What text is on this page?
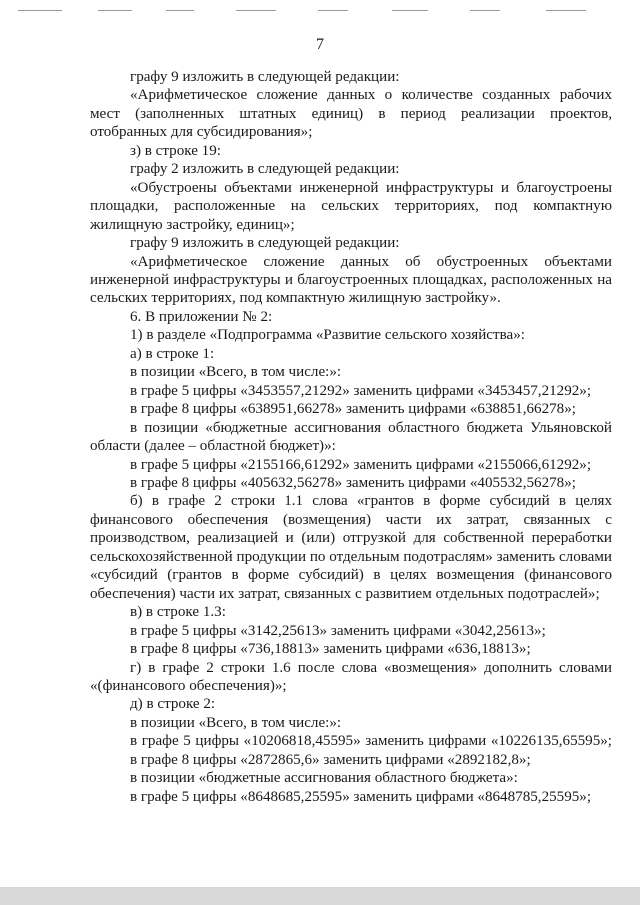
7

графу 9 изложить в следующей редакции:

«Арифметическое сложение данных о количестве созданных рабочих мест (заполненных штатных единиц) в период реализации проектов, отобранных для субсидирования»;

з) в строке 19:

графу 2 изложить в следующей редакции:

«Обустроены объектами инженерной инфраструктуры и благоустроены площадки, расположенные на сельских территориях, под компактную жилищную застройку, единиц»;

графу 9 изложить в следующей редакции:

«Арифметическое сложение данных об обустроенных объектами инженерной инфраструктуры и благоустроенных площадках, расположенных на сельских территориях, под компактную жилищную застройку».

6. В приложении № 2:

1) в разделе «Подпрограмма «Развитие сельского хозяйства»:

а) в строке 1:

в позиции «Всего, в том числе:»:

в графе 5 цифры «3453557,21292» заменить цифрами «3453457,21292»;

в графе 8 цифры «638951,66278» заменить цифрами «638851,66278»;

в позиции «бюджетные ассигнования областного бюджета Ульяновской области (далее – областной бюджет)»:

в графе 5 цифры «2155166,61292» заменить цифрами «2155066,61292»;

в графе 8 цифры «405632,56278» заменить цифрами «405532,56278»;

б) в графе 2 строки 1.1 слова «грантов в форме субсидий в целях финансового обеспечения (возмещения) части их затрат, связанных с производством, реализацией и (или) отгрузкой для собственной переработки сельскохозяйственной продукции по отдельным подотраслям» заменить словами «субсидий (грантов в форме субсидий) в целях возмещения (финансового обеспечения) части их затрат, связанных с развитием отдельных подотраслей»;

в) в строке 1.3:

в графе 5 цифры «3142,25613» заменить цифрами «3042,25613»;

в графе 8 цифры «736,18813» заменить цифрами «636,18813»;

г) в графе 2 строки 1.6 после слова «возмещения» дополнить словами «(финансового обеспечения)»;

д) в строке 2:

в позиции «Всего, в том числе:»:

в графе 5 цифры «10206818,45595» заменить цифрами «10226135,65595»;

в графе 8 цифры «2872865,6» заменить цифрами «2892182,8»;

в позиции «бюджетные ассигнования областного бюджета»:

в графе 5 цифры «8648685,25595» заменить цифрами «8648785,25595»;
